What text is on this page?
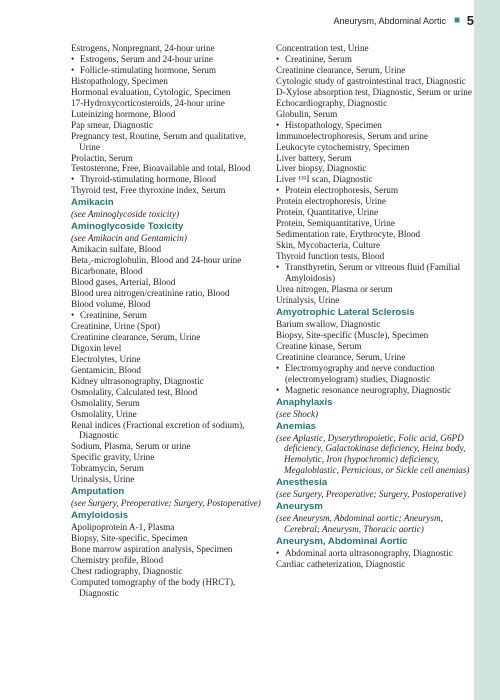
Aneurysm, Abdominal Aortic ■ 5
Estrogens, Nonpregnant, 24-hour urine
• Estrogens, Serum and 24-hour urine
• Follicle-stimulating hormone, Serum
Histopathology, Specimen
Hormonal evaluation, Cytologic, Specimen
17-Hydroxycorticosteroids, 24-hour urine
Luteinizing hormone, Blood
Pap smear, Diagnostic
Pregnancy test, Routine, Serum and qualitative, Urine
Prolactin, Serum
Testosterone, Free, Bioavailable and total, Blood
• Thyroid-stimulating hormone, Blood
Thyroid test, Free thyroxine index, Serum
Amikacin
(see Aminoglycoside toxicity)
Aminoglycoside Toxicity
(see Amikacin and Gentamicin)
Amikacin sulfate, Blood
Beta₂-microglobulin, Blood and 24-hour urine
Bicarbonate, Blood
Blood gases, Arterial, Blood
Blood urea nitrogen/creatinine ratio, Blood
Blood volume, Blood
• Creatinine, Serum
Creatinine, Urine (Spot)
Creatinine clearance, Serum, Urine
Digoxin level
Electrolytes, Urine
Gentamicin, Blood
Kidney ultrasonography, Diagnostic
Osmolality, Calculated test, Blood
Osmolality, Serum
Osmolality, Urine
Renal indices (Fractional excretion of sodium), Diagnostic
Sodium, Plasma, Serum or urine
Specific gravity, Urine
Tobramycin, Serum
Urinalysis, Urine
Amputation
(see Surgery, Preoperative; Surgery, Postoperative)
Amyloidosis
Apolipoprotein A-1, Plasma
Biopsy, Site-specific, Specimen
Bone marrow aspiration analysis, Specimen
Chemistry profile, Blood
Chest radiography, Diagnostic
Computed tomography of the body (HRCT), Diagnostic
Concentration test, Urine
• Creatinine, Serum
Creatinine clearance, Serum, Urine
Cytologic study of gastrointestinal tract, Diagnostic
D-Xylose absorption test, Diagnostic, Serum or urine
Echocardiography, Diagnostic
Globulin, Serum
• Histopathology, Specimen
Immunoelectrophoresis, Serum and urine
Leukocyte cytochemistry, Specimen
Liver battery, Serum
Liver biopsy, Diagnostic
Liver ¹³¹I scan, Diagnostic
• Protein electrophoresis, Serum
Protein electrophoresis, Urine
Protein, Quantitative, Urine
Protein, Semiquantitative, Urine
Sedimentation rate, Erythrocyte, Blood
Skin, Mycobacteria, Culture
Thyroid function tests, Blood
• Transthyretin, Serum or vitreous fluid (Familial Amyloidosis)
Urea nitrogen, Plasma or serum
Urinalysis, Urine
Amyotrophic Lateral Sclerosis
Barium swallow, Diagnostic
Biopsy, Site-specific (Muscle), Specimen
Creatine kinase, Serum
Creatinine clearance, Serum, Urine
• Electromyography and nerve conduction (electromyelogram) studies, Diagnostic
• Magnetic resonance neurography, Diagnostic
Anaphylaxis
(see Shock)
Anemias
(see Aplastic, Dyserythropoietic, Folic acid, G6PD deficiency, Galactokinase deficiency, Heinz body, Hemolytic, Iron (hypochromic) deficiency, Megaloblastic, Pernicious, or Sickle cell anemias)
Anesthesia
(see Surgery, Preoperative; Surgery, Postoperative)
Aneurysm
(see Aneurysm, Abdominal aortic; Aneurysm, Cerebral; Aneurysm, Thoracic aortic)
Aneurysm, Abdominal Aortic
• Abdominal aorta ultrasonography, Diagnostic
Cardiac catheterization, Diagnostic
